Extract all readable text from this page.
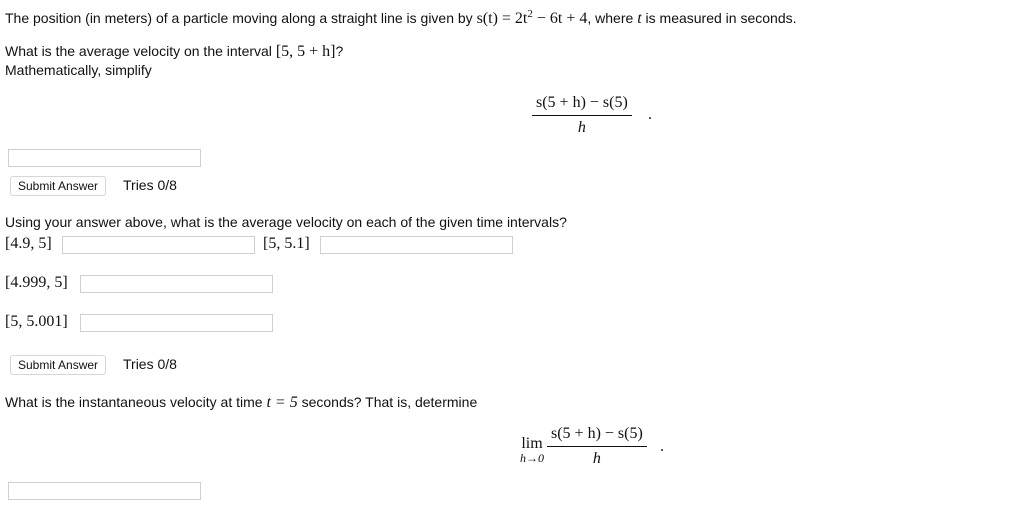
The position (in meters) of a particle moving along a straight line is given by $s(t) = 2t^2 - 6t + 4$, where t is measured in seconds.
What is the average velocity on the interval [5, 5 + h]?
Mathematically, simplify
$\frac{s(5 + h) - s(5)}{h}$ .
Submit Answer	Tries 0/8
Using your answer above, what is the average velocity on each of the given time intervals?
[4.9, 5]	[5, 5.1]
[4.999, 5]
[5, 5.001]
Submit Answer	Tries 0/8
What is the instantaneous velocity at time t = 5 seconds? That is, determine
lim
$h\to 0 \frac{s(5 + h) - s(5)}{h}$ .
